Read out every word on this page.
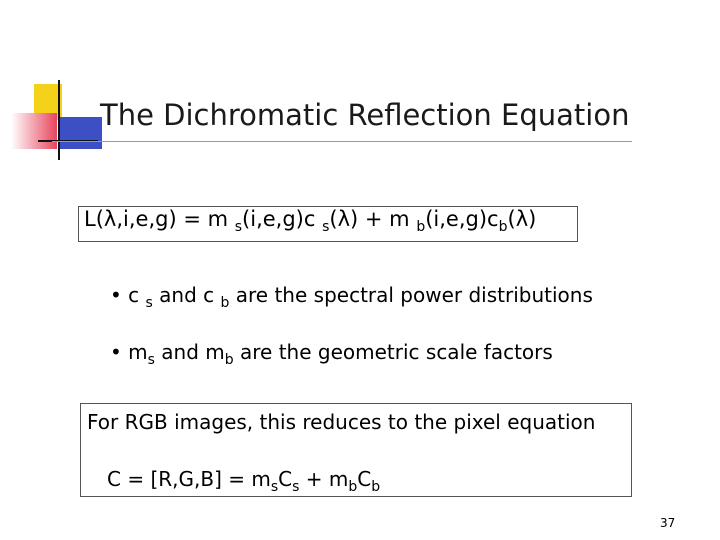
The Dichromatic Reflection Equation
L(λ,i,e,g) = m $_s$(i,e,g)c $_s$(λ) + m $_b(i,e,g)c_b(\lambda)$
• c $_s$ and c $_b$ are the spectral power distributions
• $m_s$ and $m_b$ are the geometric scale factors
For RGB images, this reduces to the pixel equation
$C = [R,G,B] = m_sC_s + m_bC_b$
37
